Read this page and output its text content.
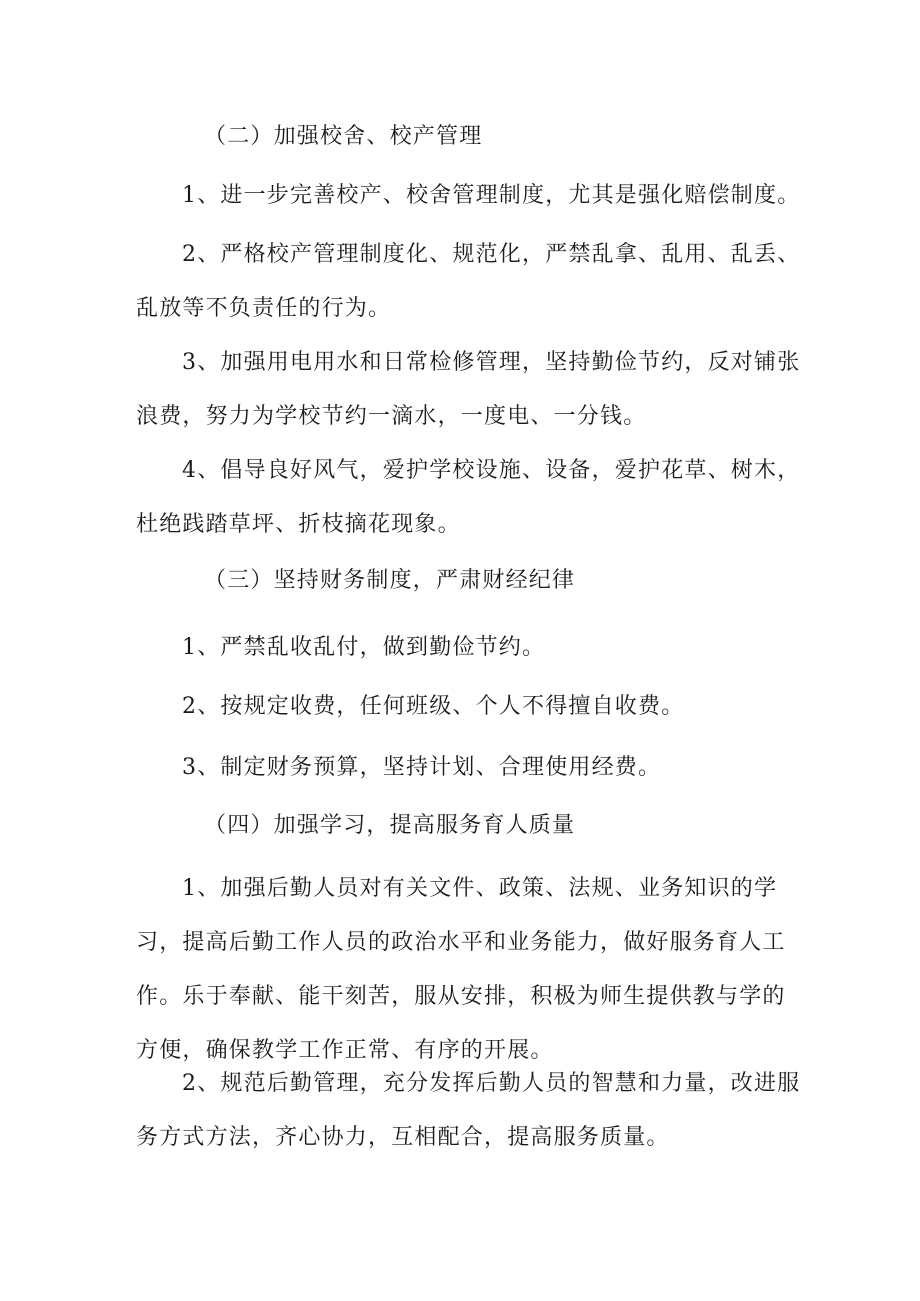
（二）加强校舍、校产管理

1、进一步完善校产、校舍管理制度，尤其是强化赔偿制度。

2、严格校产管理制度化、规范化，严禁乱拿、乱用、乱丢、乱放等不负责任的行为。

3、加强用电用水和日常检修管理，坚持勤俭节约，反对铺张浪费，努力为学校节约一滴水，一度电、一分钱。

4、倡导良好风气，爱护学校设施、设备，爱护花草、树木，杜绝践踏草坪、折枝摘花现象。

（三）坚持财务制度，严肃财经纪律

1、严禁乱收乱付，做到勤俭节约。

2、按规定收费，任何班级、个人不得擅自收费。

3、制定财务预算，坚持计划、合理使用经费。

（四）加强学习，提高服务育人质量

1、加强后勤人员对有关文件、政策、法规、业务知识的学习，提高后勤工作人员的政治水平和业务能力，做好服务育人工作。乐于奉献、能干刻苦，服从安排，积极为师生提供教与学的方便，确保教学工作正常、有序的开展。

2、规范后勤管理，充分发挥后勤人员的智慧和力量，改进服务方式方法，齐心协力，互相配合，提高服务质量。
